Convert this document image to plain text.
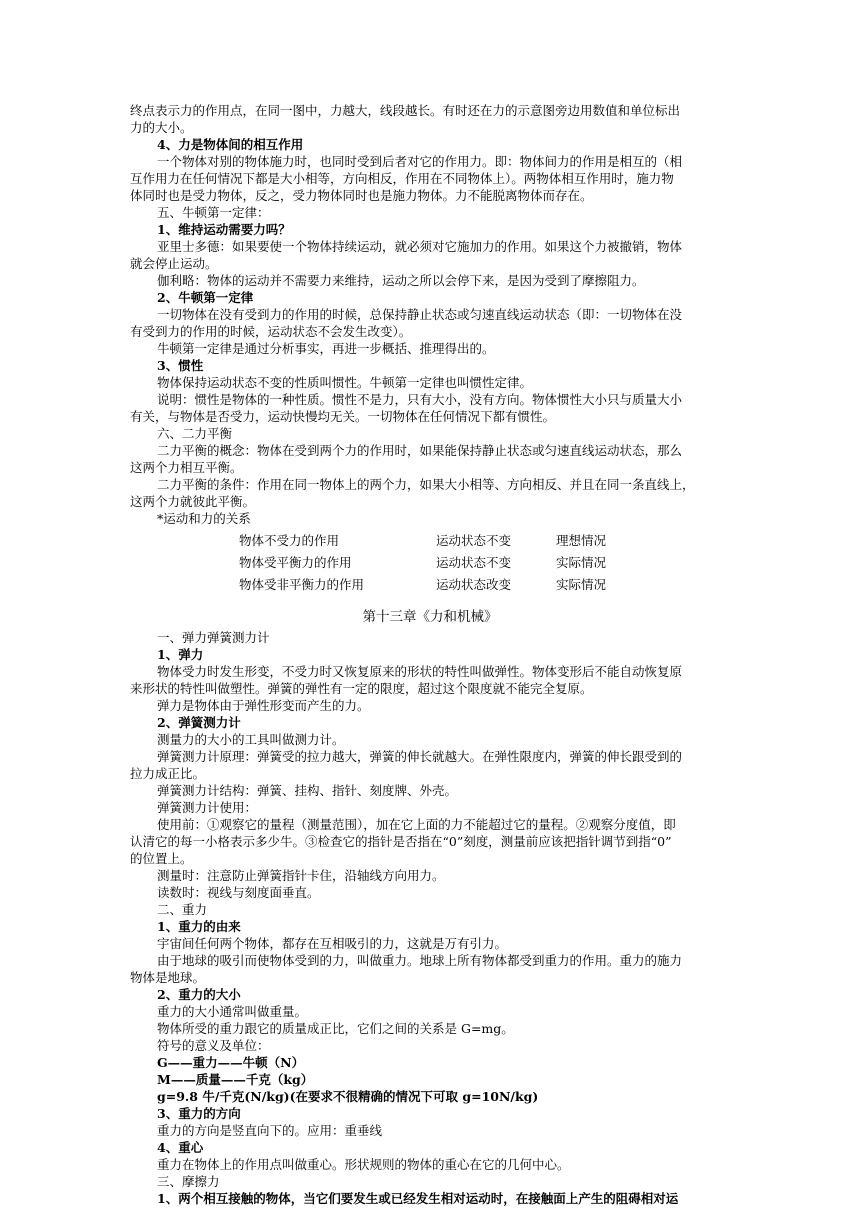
终点表示力的作用点，在同一图中，力越大，线段越长。有时还在力的示意图旁边用数值和单位标出
力的大小。
4、力是物体间的相互作用
一个物体对别的物体施力时，也同时受到后者对它的作用力。即：物体间力的作用是相互的（相
互作用力在任何情况下都是大小相等，方向相反，作用在不同物体上）。两物体相互作用时，施力物
体同时也是受力物体，反之，受力物体同时也是施力物体。力不能脱离物体而存在。
五、牛顿第一定律：
1、维持运动需要力吗？
亚里士多德：如果要使一个物体持续运动，就必须对它施加力的作用。如果这个力被撤销，物体
就会停止运动。
伽利略：物体的运动并不需要力来维持，运动之所以会停下来，是因为受到了摩擦阻力。
2、牛顿第一定律
一切物体在没有受到力的作用的时候，总保持静止状态或匀速直线运动状态（即：一切物体在没
有受到力的作用的时候，运动状态不会发生改变）。
牛顿第一定律是通过分析事实，再进一步概括、推理得出的。
3、惯性
物体保持运动状态不变的性质叫惯性。牛顿第一定律也叫惯性定律。
说明：惯性是物体的一种性质。惯性不是力，只有大小，没有方向。物体惯性大小只与质量大小
有关，与物体是否受力，运动快慢均无关。一切物体在任何情况下都有惯性。
六、二力平衡
二力平衡的概念：物体在受到两个力的作用时，如果能保持静止状态或匀速直线运动状态，那么
这两个力相互平衡。
二力平衡的条件：作用在同一物体上的两个力，如果大小相等、方向相反、并且在同一条直线上，
这两个力就彼此平衡。
*运动和力的关系
物体不受力的作用	运动状态不变	理想情况
物体受平衡力的作用	运动状态不变	实际情况
物体受非平衡力的作用	运动状态改变	实际情况
第十三章《力和机械》
一、弹力弹簧测力计
1、弹力
物体受力时发生形变，不受力时又恢复原来的形状的特性叫做弹性。物体变形后不能自动恢复原
来形状的特性叫做塑性。弹簧的弹性有一定的限度，超过这个限度就不能完全复原。
弹力是物体由于弹性形变而产生的力。
2、弹簧测力计
测量力的大小的工具叫做测力计。
弹簧测力计原理：弹簧受的拉力越大，弹簧的伸长就越大。在弹性限度内，弹簧的伸长跟受到的
拉力成正比。
弹簧测力计结构：弹簧、挂构、指针、刻度牌、外壳。
弹簧测力计使用：
使用前：①观察它的量程（测量范围），加在它上面的力不能超过它的量程。②观察分度值，即
认清它的每一小格表示多少牛。③检查它的指针是否指在“0”刻度，测量前应该把指针调节到指“0”
的位置上。
测量时：注意防止弹簧指针卡住，沿轴线方向用力。
读数时：视线与刻度面垂直。
二、重力
1、重力的由来
宇宙间任何两个物体，都存在互相吸引的力，这就是万有引力。
由于地球的吸引而使物体受到的力，叫做重力。地球上所有物体都受到重力的作用。重力的施力
物体是地球。
2、重力的大小
重力的大小通常叫做重量。
物体所受的重力跟它的质量成正比，它们之间的关系是 G=mg。
符号的意义及单位：
G——重力——牛顿（N）
M——质量——千克（kg）
g=9.8 牛/千克(N/kg)(在要求不很精确的情况下可取 g=10N/kg)
3、重力的方向
重力的方向是竖直向下的。应用：重垂线
4、重心
重力在物体上的作用点叫做重心。形状规则的物体的重心在它的几何中心。
三、摩擦力
1、两个相互接触的物体，当它们要发生或已经发生相对运动时，在接触面上产生的阻碍相对运
